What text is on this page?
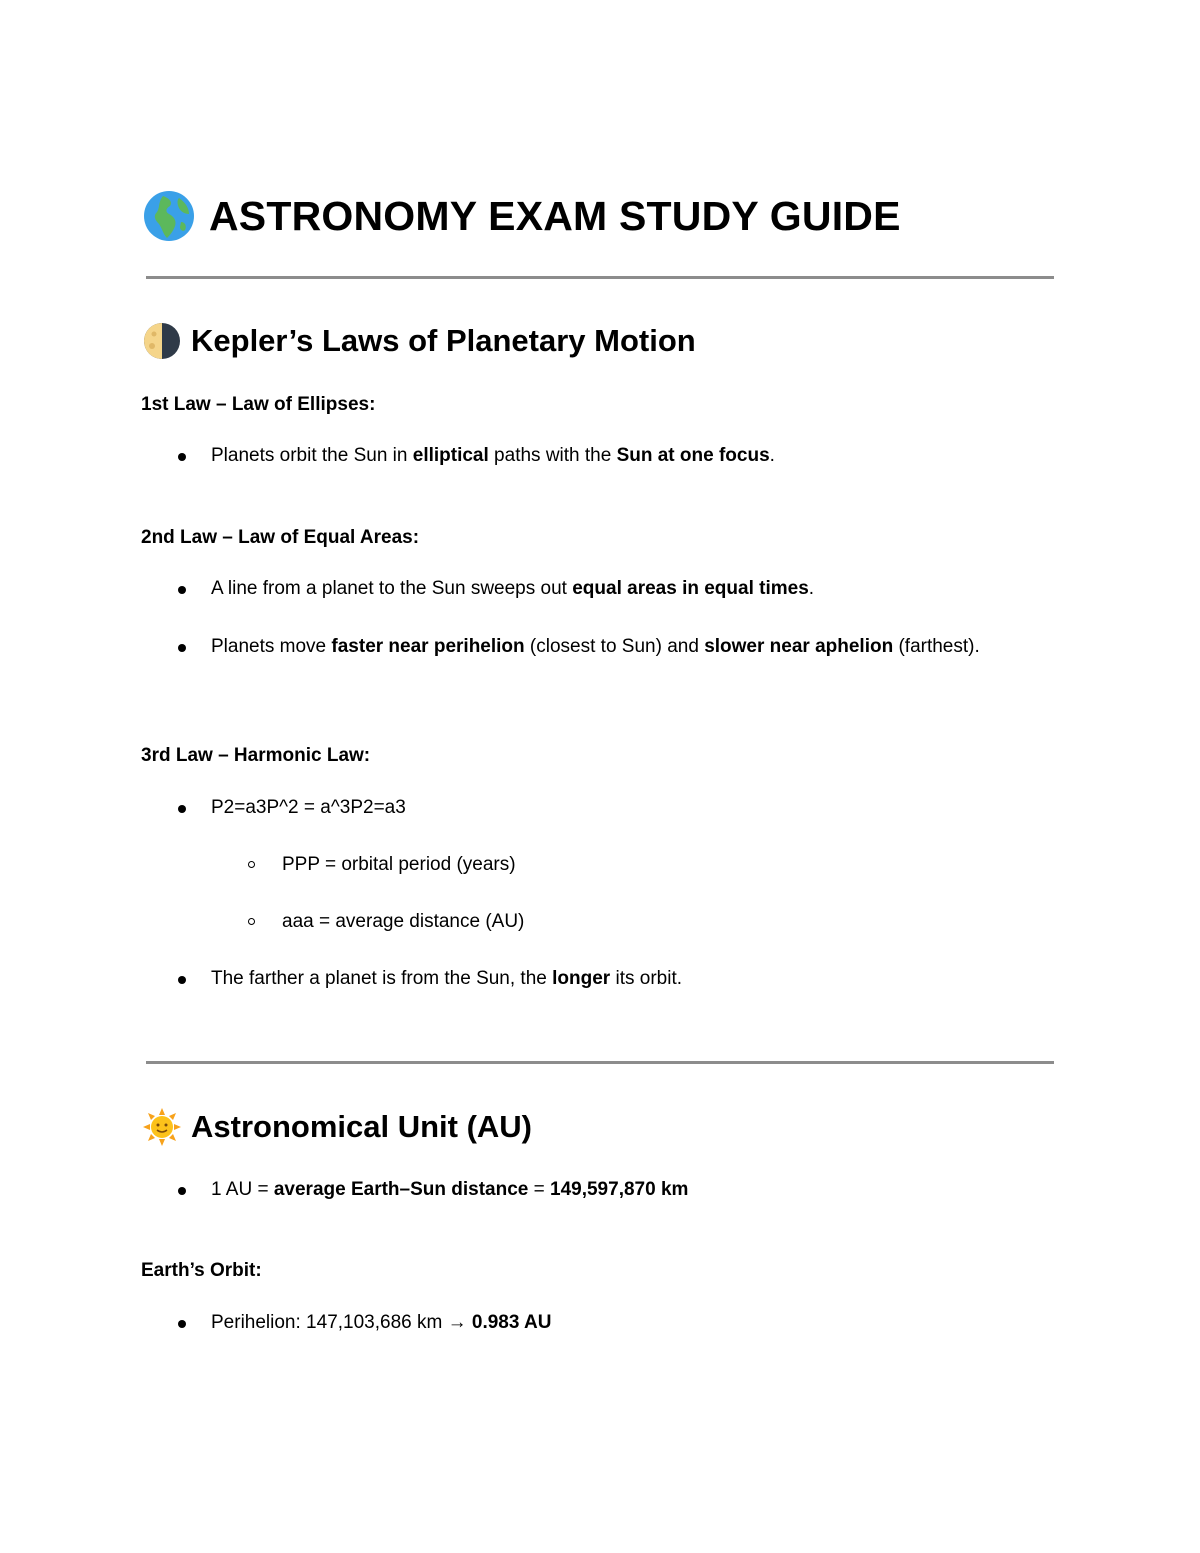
ASTRONOMY EXAM STUDY GUIDE
Kepler’s Laws of Planetary Motion
1st Law – Law of Ellipses:
Planets orbit the Sun in elliptical paths with the Sun at one focus.
2nd Law – Law of Equal Areas:
A line from a planet to the Sun sweeps out equal areas in equal times.
Planets move faster near perihelion (closest to Sun) and slower near aphelion (farthest).
3rd Law – Harmonic Law:
P2=a3P^2 = a^3P2=a3
PPP = orbital period (years)
aaa = average distance (AU)
The farther a planet is from the Sun, the longer its orbit.
Astronomical Unit (AU)
1 AU = average Earth–Sun distance = 149,597,870 km
Earth’s Orbit:
Perihelion: 147,103,686 km → 0.983 AU
